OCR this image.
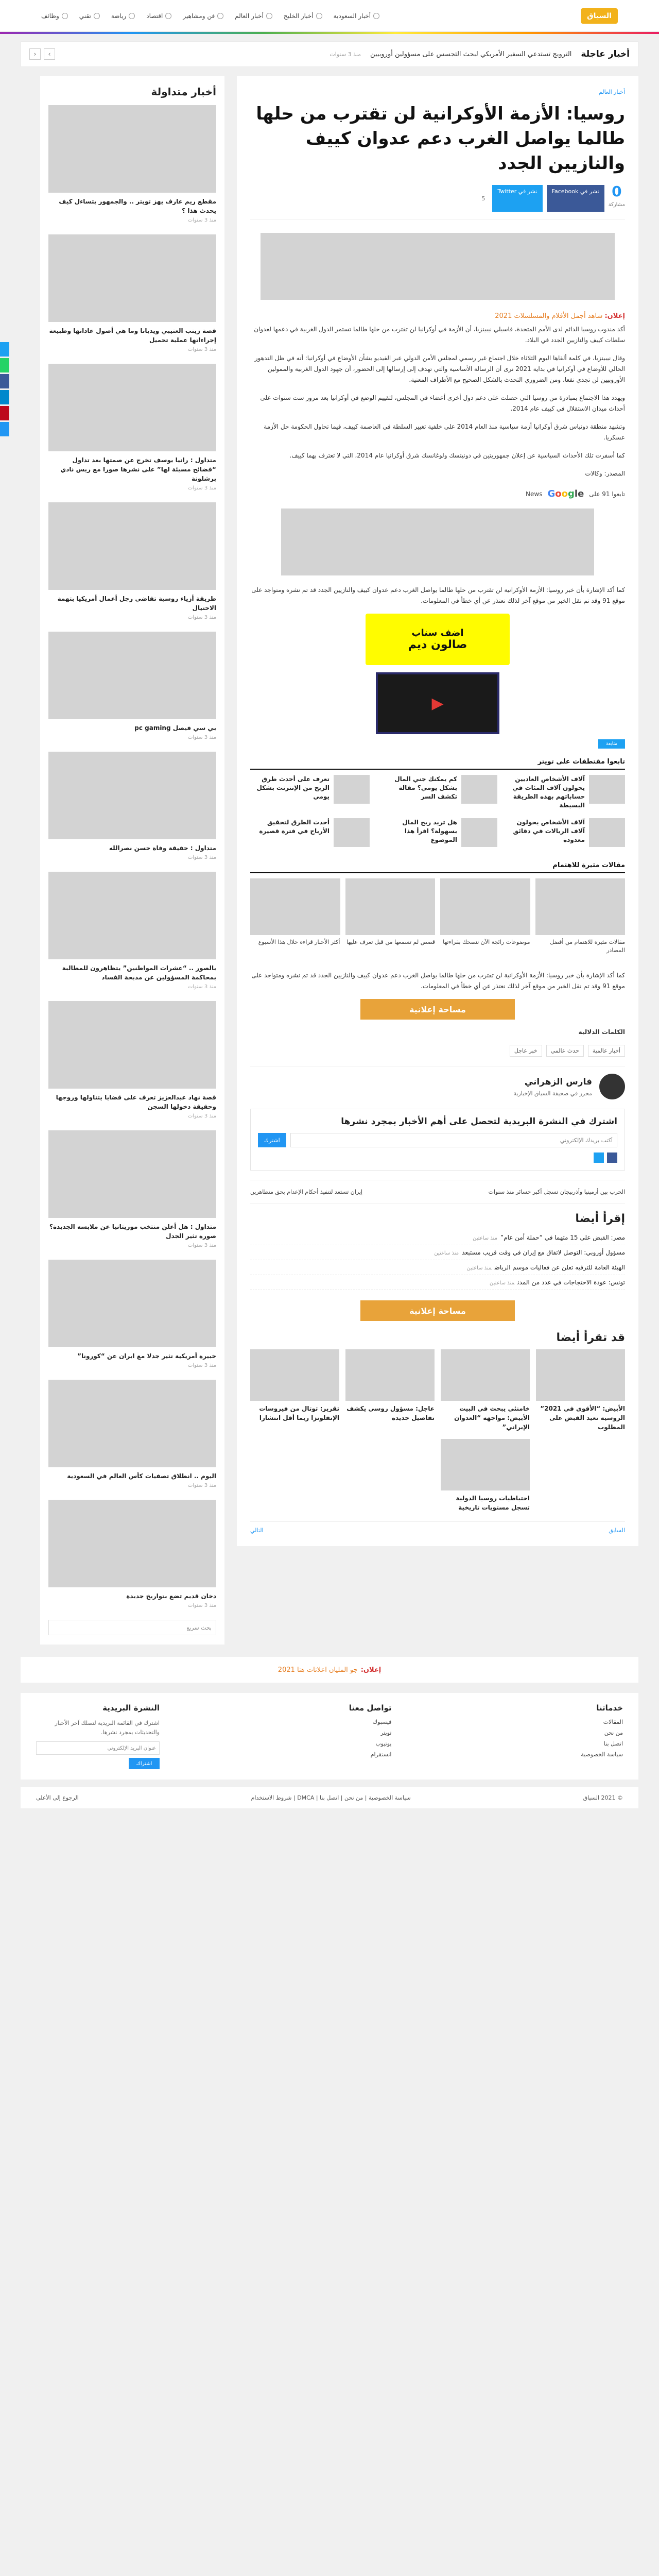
السياق
أخبار السعودية
أخبار الخليج
أخبار العالم
فن ومشاهير
اقتصاد
رياضة
تقني
وظائف
أخبار عاجلة
الترويج تستدعي السفير الأمريكي لبحث التجسس على مسؤولين أوروبيين
منذ 3 سنوات
›
‹
أخبار العالم
روسيا: الأزمة الأوكرانية لن تقترب من حلها طالما يواصل الغرب دعم عدوان كييف والنازيين الجدد
0
مشاركة
نشر في Facebook
نشر في Twitter
5
إعلان: شاهد أجمل الأفلام والمسلسلات 2021

أكد مندوب روسيا الدائم لدى الأمم المتحدة، فاسيلي نيبينزيا، أن الأزمة في أوكرانيا لن تقترب من حلها طالما تستمر الدول الغربية في دعمها لعدوان سلطات كييف والنازيين الجدد في البلاد.

وقال نيبينزيا، في كلمة ألقاها اليوم الثلاثاء خلال اجتماع غير رسمي لمجلس الأمن الدولي عبر الفيديو بشأن الأوضاع في أوكرانيا: أنه في ظل التدهور الحالي للأوضاع في أوكرانيا في بداية 2021 نرى أن الرسالة الأساسية والتي تهدف إلى إرسالها إلى الحضور، أن جهود الدول الغربية والممولين الأوروبيين لن تجدي نفعا، ومن الضروري التحدث بالشكل الصحيح مع الأطراف المعنية.

ويهدد هذا الاجتماع بمبادرة من روسيا التي حصلت على دعم دول أخرى أعضاء في المجلس، لتقييم الوضع في أوكرانيا بعد مرور ست سنوات على أحداث ميدان الاستقلال في كييف عام 2014.

وتشهد منطقة دونباس شرق أوكرانيا أزمة سياسية منذ العام 2014 على خلفية تغيير السلطة في العاصمة كييف، فيما تحاول الحكومة حل الأزمة عسكريا.

كما أسفرت تلك الأحداث السياسية عن إعلان جمهوريتين في دونيتسك ولوغانسك شرق أوكرانيا عام 2014، التي لا تعترف بهما كييف.

المصدر: وكالات

تابعوا 91 على
Google
News

كما أكد الإشارة بأن خبر روسيا: الأزمة الأوكرانية لن تقترب من حلها طالما يواصل الغرب دعم عدوان كييف والنازيين الجدد قد تم نشره ومتواجد على موقع 91 وقد تم نقل الخبر من موقع آخر لذلك نعتذر عن أي خطأ في المعلومات.

اضف سناب
صالون ديم
▶
متابعة
تابعوا مقتطفات على تويتر

آلاف الأشخاص العاديين يحولون آلاف المئات في حساباتهم بهذه الطريقة البسيطة

كم يمكنك جني المال بشكل يومي؟ مقالة تكشف السر

تعرف على أحدث طرق الربح من الإنترنت بشكل يومي

آلاف الأشخاص يحولون آلاف الريالات في دقائق معدودة

هل تريد ربح المال بسهولة؟ اقرأ هذا الموضوع

أحدث الطرق لتحقيق الأرباح في فترة قصيرة

مقالات مثيرة للاهتمام

مقالات مثيرة للاهتمام من أفضل المصادر

موضوعات رائجة الآن ننصحك بقراءتها

قصص لم تسمعها من قبل تعرف عليها

أكثر الأخبار قراءة خلال هذا الأسبوع

كما أكد الإشارة بأن خبر روسيا: الأزمة الأوكرانية لن تقترب من حلها طالما يواصل الغرب دعم عدوان كييف والنازيين الجدد قد تم نشره ومتواجد على موقع 91 وقد تم نقل الخبر من موقع آخر لذلك نعتذر عن أي خطأ في المعلومات.

مساحة إعلانية
الكلمات الدلالية
أخبار عالمية
حدث عالمي
خبر عاجل
فارس الزهراني

محرر في صحيفة السياق الإخبارية

اشترك في النشرة البريدية لتحصل على أهم الأخبار بمجرد نشرها
أكتب بريدك الإلكتروني
اشترك
الحرب بين أرمينيا وأذربيجان تسجل أكبر خسائر منذ سنوات
إيران تستعد لتنفيذ أحكام الإعدام بحق متظاهرين
إقرأ أيضا
مصر: القبض على 15 متهما في “حملة أمن عام”منذ ساعتين
مسؤول أوروبي: التوصل لاتفاق مع إيران في وقت قريب مستبعدمنذ ساعتين
الهيئة العامة للترفيه تعلن عن فعاليات موسم الرياضمنذ ساعتين
تونس: عودة الاحتجاجات في عدد من المدنمنذ ساعتين
مساحة إعلانية
قد تقرأ أيضا

الأبيض: “الأقوى في 2021” الروسية تعيد القبض على المطلوب

خامنئي يبحث في البيت الأبيض: مواجهة “العدوان الإيراني”

عاجل: مسؤول روسي يكشف تفاصيل جديدة

تقرير: توتال من فيروسات الإنفلونزا ربما أقل انتشارا

احتياطيات روسيا الدولية تسجل مستويات تاريخية

السابق
التالي
أخبار متداولة

مقطع ريم عارف يهز تويتر .. والجمهور يتساءل كيف يحدث هذا ؟

منذ 3 سنوات

قصة زينب العتيبي ويديانا وما هي أصول عاداتها وطبيعة إجراءاتها عملية تحميل

منذ 3 سنوات

متداول : رانيا يوسف تخرج عن صمتها بعد تداول “فضائح مسيئة لها” على نشرها صورا مع ريس نادي برشلونة

منذ 3 سنوات

طريقة أزياء روسية تقاضي رجل أعمال أمريكيا بتهمة الاحتيال

منذ 3 سنوات

بي سي فيصل pc gaming

منذ 3 سنوات

متداول : حقيقة وفاة حسن نصرالله

منذ 3 سنوات

بالصور .. “عشرات المواطنين” يتظاهرون للمطالبة بمحاكمة المسؤولين عن مذبحة الفساد

منذ 3 سنوات

قصة نهاد عبدالعزيز تعرف على قضايا يتناولها وروجها وحقيقة دخولها السجن

منذ 3 سنوات

متداول : هل أعلن منتخب موريتانيا عن ملابسه الجديدة؟ صورة تثير الجدل

منذ 3 سنوات

خبيرة أمريكية تثير جدلا مع ايران عن “كورونا”

منذ 3 سنوات

اليوم .. انطلاق تصفيات كأس العالم في السعودية

منذ 3 سنوات

دخان قديم تضع بتواريخ جديدة

منذ 3 سنوات
بحث سريع
إعلان:
جو المليان اعلانات هنا 2021
خدماتنا
المقالات
من نحن
اتصل بنا
سياسة الخصوصية
تواصل معنا
فيسبوك
تويتر
يوتيوب
انستقرام
النشرة البريدية

اشترك في القائمة البريدية لتصلك آخر الأخبار والتحديثات بمجرد نشرها.

عنوان البريد الإلكتروني
اشتراك
© 2021 السياق
سياسة الخصوصية | من نحن | اتصل بنا | DMCA | شروط الاستخدام
الرجوع إلى الأعلى
